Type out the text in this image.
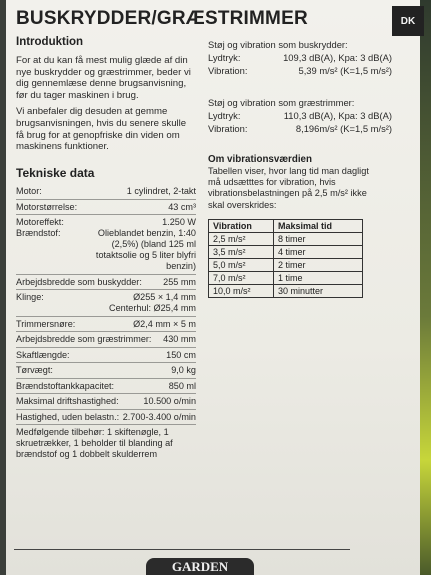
BUSKRYDDER/GRÆSTRIMMER	DK
Introduktion

For at du kan få mest mulig glæde af din nye buskrydder og græstrimmer, beder vi dig gennemlæse denne brugsanvisning, før du tager maskinen i brug.

Vi anbefaler dig desuden at gemme brugsanvisningen, hvis du senere skulle få brug for at genopfriske din viden om maskinens funktioner.

Tekniske data
Motor:	1 cylindret, 2-takt
Motorstørrelse:	43 cm³
Motoreffekt:	1.250 W
Brændstof:	Olieblandet benzin, 1:40 (2,5%) (bland 125 ml totaktsolie og 5 liter blyfri benzin)
Arbejdsbredde som buskydder: 255 mm
Klinge:	Ø255 × 1,4 mm
Centerhul: Ø25,4 mm
Trimmersnøre:	Ø2,4 mm × 5 m
Arbejdsbredde som græstrimmer: 430 mm
Skaftlængde:	150 cm
Tørvægt:	9,0 kg
Brændstoftankkapacitet:	850 ml
Maksimal driftshastighed:	10.500 o/min
Hastighed, uden belastn.: 2.700-3.400 o/min
Medfølgende tilbehør: 1 skiftenøgle, 1 skruetrækker, 1 beholder til blanding af brændstof og 1 dobbelt skulderrem
Støj og vibration som buskrydder:
Lydtryk:	109,3 dB(A), Kpa: 3 dB(A)
Vibration:	5,39 m/s² (K=1,5 m/s²)
Støj og vibration som græstrimmer:
Lydtryk:	110,3 dB(A), Kpa: 3 dB(A)
Vibration:	8,196m/s² (K=1,5 m/s²)
Om vibrationsværdien
Tabellen viser, hvor lang tid man dagligt må udsætttes for vibration, hvis vibrationsbelastningen på 2,5 m/s² ikke skal overskrides:
Vibration	Maksimal tid
2,5 m/s²	8 timer
3,5 m/s²	4 timer
5,0 m/s²	2 timer
7,0 m/s²	1 time
10,0 m/s²	30 minutter
GARDEN
